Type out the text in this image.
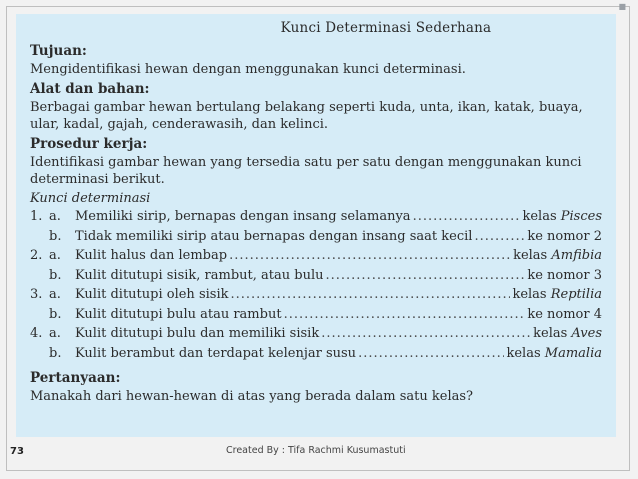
■
Kunci Determinasi Sederhana

Tujuan:

Mengidentifikasi hewan dengan menggunakan kunci determinasi.

Alat dan bahan:

Berbagai gambar hewan bertulang belakang seperti kuda, unta, ikan, katak, buaya, ular, kadal, gajah, cenderawasih, dan kelinci.

Prosedur kerja:

Identifikasi gambar hewan yang tersedia satu per satu dengan menggunakan kunci determinasi berikut.

Kunci determinasi

1. a.	Memiliki sirip, bernapas dengan insang selamanya .....	kelas Pisces
b.	Tidak memiliki sirip atau bernapas dengan insang saat kecil .....	ke nomor 2
2. a.	Kulit halus dan lembap .....	kelas Amfibia
b.	Kulit ditutupi sisik, rambut, atau bulu .....	ke nomor 3
3. a.	Kulit ditutupi oleh sisik .....	kelas Reptilia
b.	Kulit ditutupi bulu atau rambut .....	ke nomor 4
4. a.	Kulit ditutupi bulu dan memiliki sisik .....	kelas Aves
b.	Kulit berambut dan terdapat kelenjar susu .....	kelas Mamalia

Pertanyaan:

Manakah dari hewan-hewan di atas yang berada dalam satu kelas?

73	Created By : Tifa Rachmi Kusumastuti
